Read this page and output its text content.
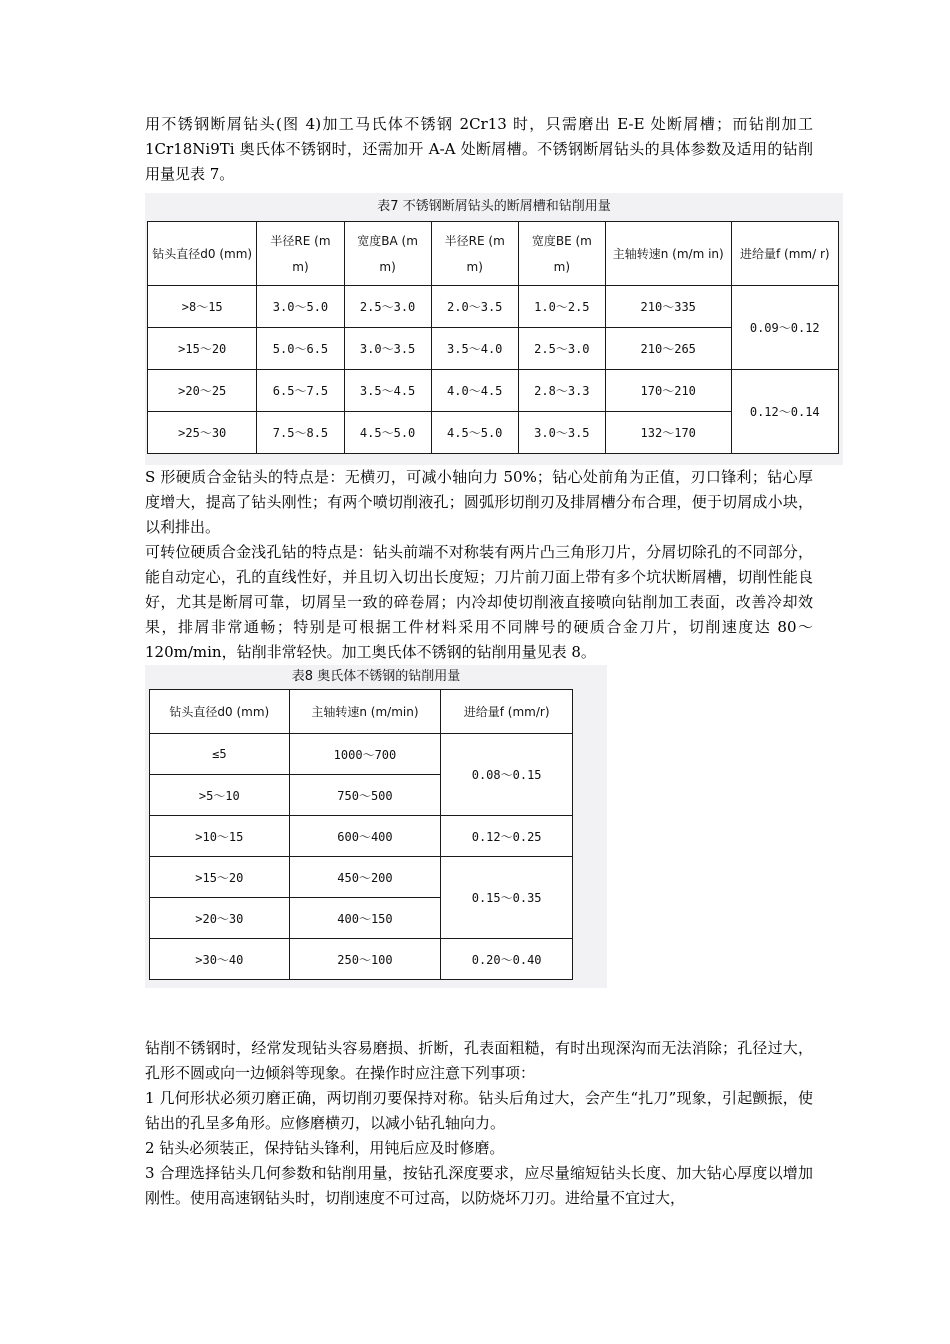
用不锈钢断屑钻头(图 4)加工马氏体不锈钢 2Cr13 时，只需磨出 E-E 处断屑槽；而钻削加工 1Cr18Ni9Ti 奥氏体不锈钢时，还需加开 A-A 处断屑槽。不锈钢断屑钻头的具体参数及适用的钻削用量见表 7。

表7 不锈钢断屑钻头的断屑槽和钻削用量
钻头直径d0 (mm)	半径RE (m m)	宽度BA (m m)	半径RE (m m)	宽度BE (m m)	主轴转速n (m/m in)	进给量f (mm/ r)
>8～15	3.0～5.0	2.5～3.0	2.0～3.5	1.0～2.5	210～335	0.09～0.12
>15～20	5.0～6.5	3.0～3.5	3.5～4.0	2.5～3.0	210～265	
>20～25	6.5～7.5	3.5～4.5	4.0～4.5	2.8～3.3	170～210	0.12～0.14
>25～30	7.5～8.5	4.5～5.0	4.5～5.0	3.0～3.5	132～170	

S 形硬质合金钻头的特点是：无横刃，可减小轴向力 50%；钻心处前角为正值，刃口锋利；钻心厚度增大，提高了钻头刚性；有两个喷切削液孔；圆弧形切削刃及排屑槽分布合理，便于切屑成小块，以利排出。

可转位硬质合金浅孔钻的特点是：钻头前端不对称装有两片凸三角形刀片，分屑切除孔的不同部分，能自动定心，孔的直线性好，并且切入切出长度短；刀片前刀面上带有多个坑状断屑槽，切削性能良好，尤其是断屑可靠，切屑呈一致的碎卷屑；内冷却使切削液直接喷向钻削加工表面，改善冷却效果，排屑非常通畅；特别是可根据工件材料采用不同牌号的硬质合金刀片，切削速度达 80～120m/min，钻削非常轻快。加工奥氏体不锈钢的钻削用量见表 8。

表8 奥氏体不锈钢的钻削用量
钻头直径d0 (mm)	主轴转速n (m/min)	进给量f (mm/r)
≤5	1000～700	0.08～0.15
>5～10	750～500	
>10～15	600～400	0.12～0.25
>15～20	450～200	0.15～0.35
>20～30	400～150	
>30～40	250～100	0.20～0.40

钻削不锈钢时，经常发现钻头容易磨损、折断，孔表面粗糙，有时出现深沟而无法消除；孔径过大，孔形不圆或向一边倾斜等现象。在操作时应注意下列事项：

1 几何形状必须刃磨正确，两切削刃要保持对称。钻头后角过大，会产生“扎刀”现象，引起颤振，使钻出的孔呈多角形。应修磨横刃，以减小钻孔轴向力。

2 钻头必须装正，保持钻头锋利，用钝后应及时修磨。

3 合理选择钻头几何参数和钻削用量，按钻孔深度要求，应尽量缩短钻头长度、加大钻心厚度以增加刚性。使用高速钢钻头时，切削速度不可过高，以防烧坏刀刃。进给量不宜过大，
